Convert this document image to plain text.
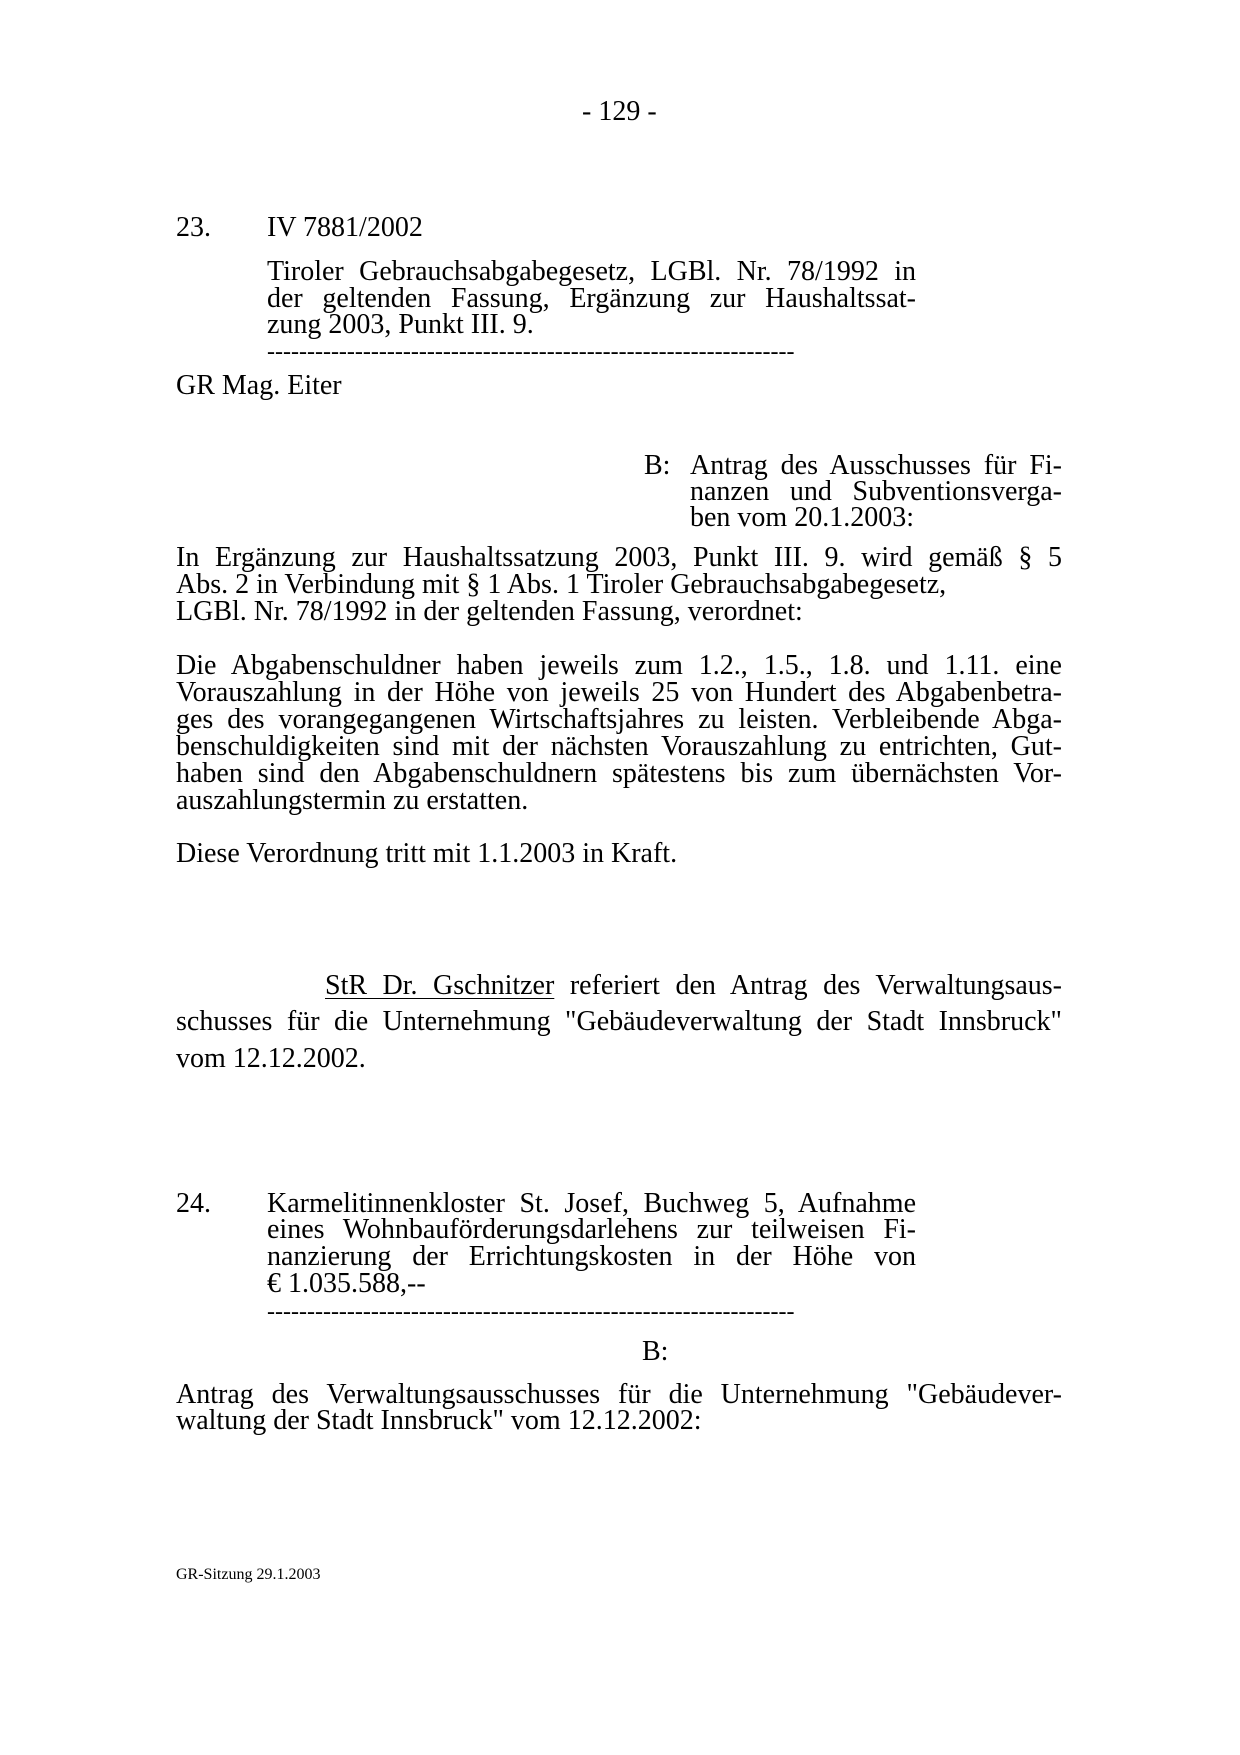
- 129 -
23. IV 7881/2002
Tiroler Gebrauchsabgabegesetz, LGBl. Nr. 78/1992 in
der geltenden Fassung, Ergänzung zur Haushaltssat-
zung 2003, Punkt III. 9.
------------------------------------------------------------------
GR Mag. Eiter
B: Antrag des Ausschusses für Fi-
nanzen und Subventionsverga-
ben vom 20.1.2003:
In Ergänzung zur Haushaltssatzung 2003, Punkt III. 9. wird gemäß § 5
Abs. 2 in Verbindung mit § 1 Abs. 1 Tiroler Gebrauchsabgabegesetz,
LGBl. Nr. 78/1992 in der geltenden Fassung, verordnet:
Die Abgabenschuldner haben jeweils zum 1.2., 1.5., 1.8. und 1.11. eine
Vorauszahlung in der Höhe von jeweils 25 von Hundert des Abgabenbetra-
ges des vorangegangenen Wirtschaftsjahres zu leisten. Verbleibende Abga-
benschuldigkeiten sind mit der nächsten Vorauszahlung zu entrichten, Gut-
haben sind den Abgabenschuldnern spätestens bis zum übernächsten Vor-
auszahlungstermin zu erstatten.
Diese Verordnung tritt mit 1.1.2003 in Kraft.
StR Dr. Gschnitzer referiert den Antrag des Verwaltungsaus-
schusses für die Unternehmung "Gebäudeverwaltung der Stadt Innsbruck"
vom 12.12.2002.
24. Karmelitinnenkloster St. Josef, Buchweg 5, Aufnahme
eines Wohnbauförderungsdarlehens zur teilweisen Fi-
nanzierung der Errichtungskosten in der Höhe von
€ 1.035.588,--
------------------------------------------------------------------
B:
Antrag des Verwaltungsausschusses für die Unternehmung "Gebäudever-
waltung der Stadt Innsbruck" vom 12.12.2002:
GR-Sitzung 29.1.2003
